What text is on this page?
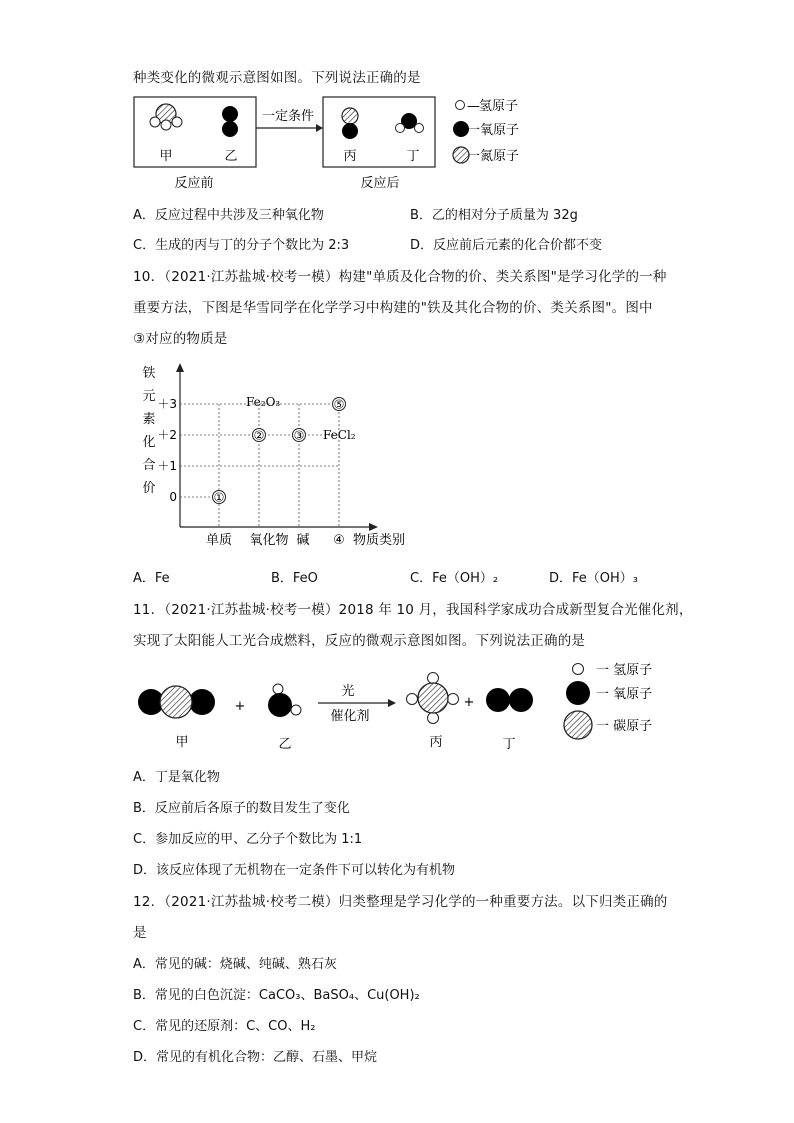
种类变化的微观示意图如图。下列说法正确的是
甲	乙
一定条件
丙	丁
反应前	反应后
— 氢原子
一氧原子
一氮原子
A．反应过程中共涉及三种氧化物	B．乙的相对分子质量为 32g
C．生成的丙与丁的分子个数比为 2:3	D．反应前后元素的化合价都不变
10．（2021·江苏盐城·校考一模）构建"单质及化合物的价、类关系图"是学习化学的一种
重要方法，下图是华雪同学在化学学习中构建的"铁及其化合物的价、类关系图"。图中
③对应的物质是
铁
元
素
化
合
价
＋3
＋2
＋1
0
单质 氧化物 碱 ④ 物质类别
①
② ③
⑤
Fe₂O₃
FeCl₂
A．Fe	B．FeO	C．Fe（OH）₂	D．Fe（OH）₃
11．（2021·江苏盐城·校考一模）2018 年 10 月，我国科学家成功合成新型复合光催化剂，
实现了太阳能人工光合成燃料，反应的微观示意图如图。下列说法正确的是
+
光
催化剂
+
甲	乙	丙	丁
一 氢原子
一 氧原子
一 碳原子
A．丁是氧化物
B．反应前后各原子的数目发生了变化
C．参加反应的甲、乙分子个数比为 1:1
D．该反应体现了无机物在一定条件下可以转化为有机物
12．（2021·江苏盐城·校考二模）归类整理是学习化学的一种重要方法。以下归类正确的
是
A．常见的碱：烧碱、纯碱、熟石灰
B．常见的白色沉淀：CaCO₃、BaSO₄、Cu(OH)₂
C．常见的还原剂：C、CO、H₂
D．常见的有机化合物：乙醇、石墨、甲烷
